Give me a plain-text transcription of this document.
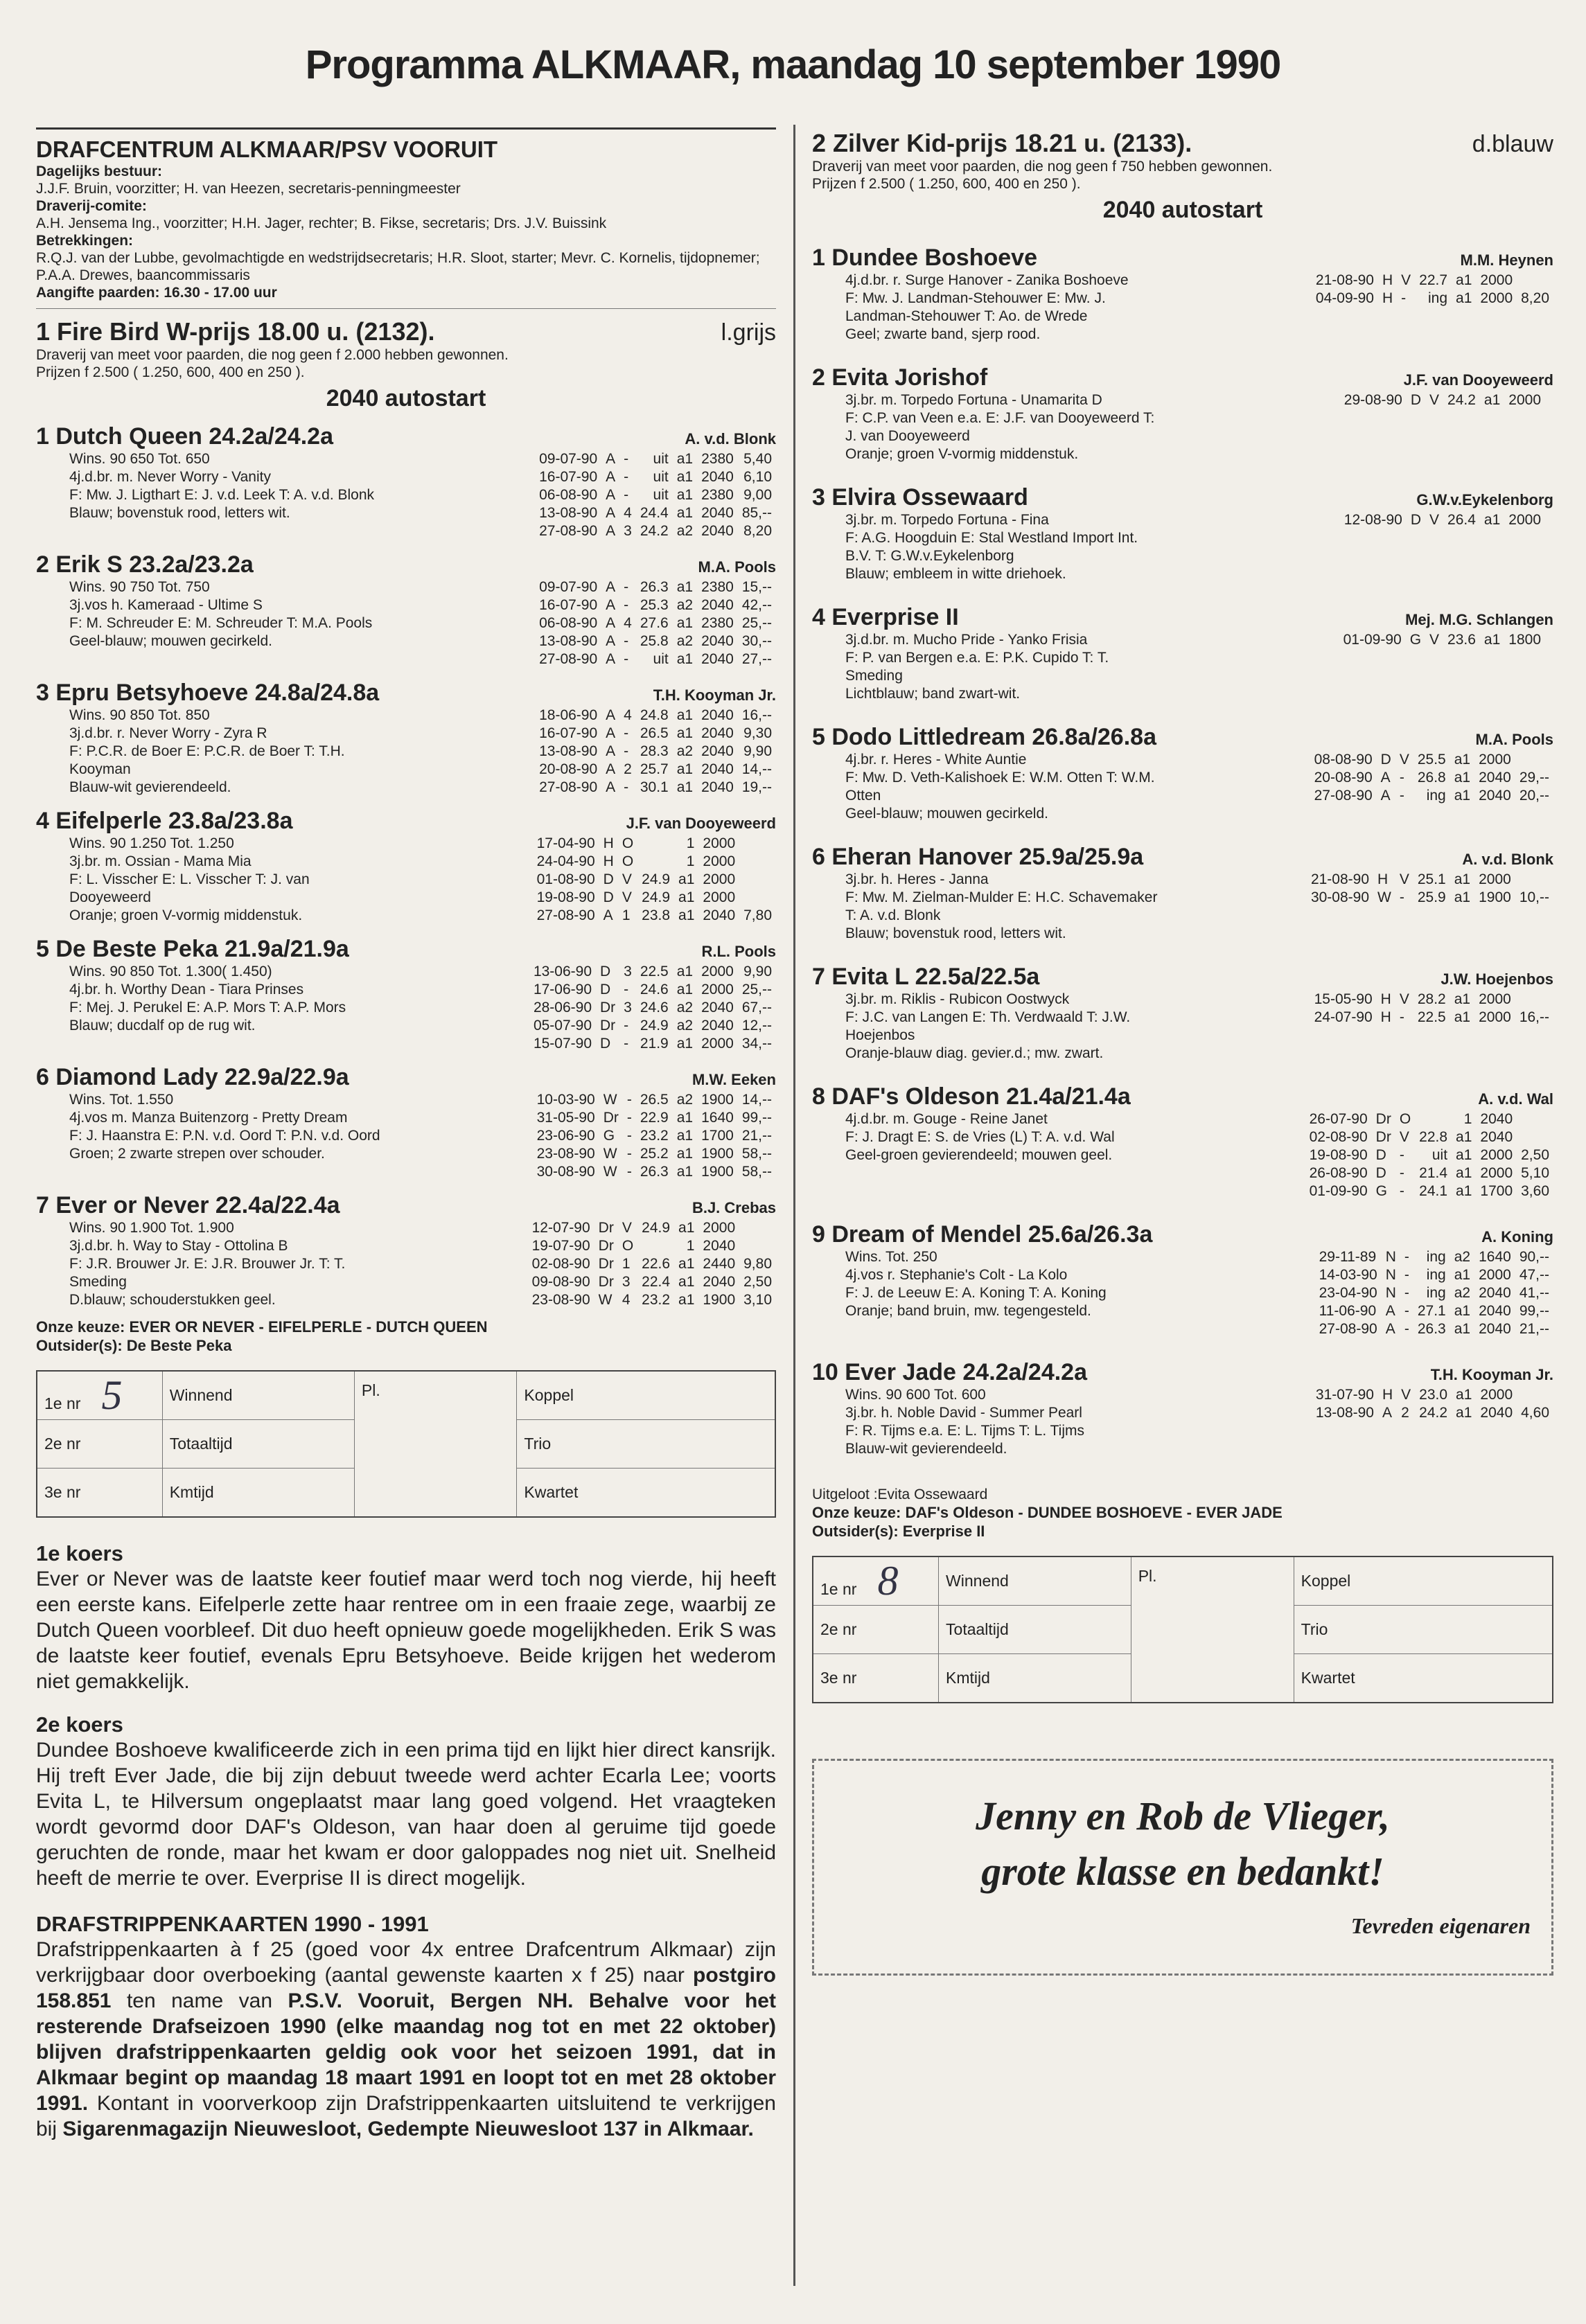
Programma ALKMAAR, maandag 10 september 1990
DRAFCENTRUM ALKMAAR/PSV VOORUIT
Dagelijks bestuur:
J.J.F. Bruin, voorzitter; H. van Heezen, secretaris-penningmeester
Draverij-comite:
A.H. Jensema Ing., voorzitter; H.H. Jager, rechter; B. Fikse, secretaris; Drs. J.V. Buissink
Betrekkingen:
R.Q.J. van der Lubbe, gevolmachtigde en wedstrijdsecretaris; H.R. Sloot, starter; Mevr. C. Kornelis, tijdopnemer; P.A.A. Drewes, baancommissaris
Aangifte paarden: 16.30 - 17.00 uur
1 Fire Bird W-prijs 18.00 u. (2132).	l.grijs
Draverij van meet voor paarden, die nog geen f 2.000 hebben gewonnen.
Prijzen f 2.500 ( 1.250, 600, 400 en 250 ).
2040 autostart
1 Dutch Queen 24.2a/24.2a	A. v.d. Blonk
Wins. 90 650 Tot. 650
4j.d.br. m. Never Worry - Vanity
F: Mw. J. Ligthart E: J. v.d. Leek T: A. v.d. Blonk
Blauw; bovenstuk rood, letters wit.
09-07-90	A	-	uit	a1	2380	5,40
16-07-90	A	-	uit	a1	2040	6,10
06-08-90	A	-	uit	a1	2380	9,00
13-08-90	A	4	24.4	a1	2040	85,--
27-08-90	A	3	24.2	a2	2040	8,20
2 Erik S 23.2a/23.2a	M.A. Pools
Wins. 90 750 Tot. 750
3j.vos h. Kameraad - Ultime S
F: M. Schreuder E: M. Schreuder T: M.A. Pools
Geel-blauw; mouwen gecirkeld.
09-07-90	A	-	26.3	a1	2380	15,--
16-07-90	A	-	25.3	a2	2040	42,--
06-08-90	A	4	27.6	a1	2380	25,--
13-08-90	A	-	25.8	a2	2040	30,--
27-08-90	A	-	uit	a1	2040	27,--
3 Epru Betsyhoeve 24.8a/24.8a	T.H. Kooyman Jr.
Wins. 90 850 Tot. 850
3j.d.br. r. Never Worry - Zyra R
F: P.C.R. de Boer E: P.C.R. de Boer T: T.H.
Kooyman
Blauw-wit gevierendeeld.
18-06-90	A	4	24.8	a1	2040	16,--
16-07-90	A	-	26.5	a1	2040	9,30
13-08-90	A	-	28.3	a2	2040	9,90
20-08-90	A	2	25.7	a1	2040	14,--
27-08-90	A	-	30.1	a1	2040	19,--
4 Eifelperle 23.8a/23.8a	J.F. van Dooyeweerd
Wins. 90 1.250 Tot. 1.250
3j.br. m. Ossian - Mama Mia
F: L. Visscher E: L. Visscher T: J. van
Dooyeweerd
Oranje; groen V-vormig middenstuk.
17-04-90	H	O		1	2000	
24-04-90	H	O		1	2000	
01-08-90	D	V	24.9	a1	2000	
19-08-90	D	V	24.9	a1	2000	
27-08-90	A	1	23.8	a1	2040	7,80
5 De Beste Peka 21.9a/21.9a	R.L. Pools
Wins. 90 850 Tot. 1.300( 1.450)
4j.br. h. Worthy Dean - Tiara Prinses
F: Mej. J. Perukel E: A.P. Mors T: A.P. Mors
Blauw; ducdalf op de rug wit.
13-06-90	D	3	22.5	a1	2000	9,90
17-06-90	D	-	24.6	a1	2000	25,--
28-06-90	Dr	3	24.6	a2	2040	67,--
05-07-90	Dr	-	24.9	a2	2040	12,--
15-07-90	D	-	21.9	a1	2000	34,--
6 Diamond Lady 22.9a/22.9a	M.W. Eeken
Wins. Tot. 1.550
4j.vos m. Manza Buitenzorg - Pretty Dream
F: J. Haanstra E: P.N. v.d. Oord T: P.N. v.d. Oord
Groen; 2 zwarte strepen over schouder.
10-03-90	W	-	26.5	a2	1900	14,--
31-05-90	Dr	-	22.9	a1	1640	99,--
23-06-90	G	-	23.2	a1	1700	21,--
23-08-90	W	-	25.2	a1	1900	58,--
30-08-90	W	-	26.3	a1	1900	58,--
7 Ever or Never 22.4a/22.4a	B.J. Crebas
Wins. 90 1.900 Tot. 1.900
3j.d.br. h. Way to Stay - Ottolina B
F: J.R. Brouwer Jr. E: J.R. Brouwer Jr. T: T.
Smeding
D.blauw; schouderstukken geel.
12-07-90	Dr	V	24.9	a1	2000	
19-07-90	Dr	O		1	2040	
02-08-90	Dr	1	22.6	a1	2440	9,80
09-08-90	Dr	3	22.4	a1	2040	2,50
23-08-90	W	4	23.2	a1	1900	3,10
Onze keuze: EVER OR NEVER - EIFELPERLE - DUTCH QUEEN
Outsider(s): De Beste Peka
1e nr 5	Winnend	Pl.	Koppel
2e nr	Totaaltijd		Trio
3e nr	Kmtijd		Kwartet
1e koers
Ever or Never was de laatste keer foutief maar werd toch nog vierde, hij heeft een eerste kans. Eifelperle zette haar rentree om in een fraaie zege, waarbij ze Dutch Queen voorbleef. Dit duo heeft opnieuw goede mogelijkheden. Erik S was de laatste keer foutief, evenals Epru Betsyhoeve. Beide krijgen het wederom niet gemakkelijk.
2e koers
Dundee Boshoeve kwalificeerde zich in een prima tijd en lijkt hier direct kansrijk. Hij treft Ever Jade, die bij zijn debuut tweede werd achter Ecarla Lee; voorts Evita L, te Hilversum ongeplaatst maar lang goed volgend. Het vraagteken wordt gevormd door DAF's Oldeson, van haar doen al geruime tijd goede geruchten de ronde, maar het kwam er door galoppades nog niet uit. Snelheid heeft de merrie te over. Everprise II is direct mogelijk.
DRAFSTRIPPENKAARTEN 1990 - 1991
Drafstrippenkaarten à f 25 (goed voor 4x entree Drafcentrum Alkmaar) zijn verkrijgbaar door overboeking (aantal gewenste kaarten x f 25) naar postgiro 158.851 ten name van P.S.V. Vooruit, Bergen NH. Behalve voor het resterende Drafseizoen 1990 (elke maandag nog tot en met 22 oktober) blijven drafstrippenkaarten geldig ook voor het seizoen 1991, dat in Alkmaar begint op maandag 18 maart 1991 en loopt tot en met 28 oktober 1991. Kontant in voorverkoop zijn Drafstrippenkaarten uitsluitend te verkrijgen bij Sigarenmagazijn Nieuwesloot, Gedempte Nieuwesloot 137 in Alkmaar.
2 Zilver Kid-prijs 18.21 u. (2133).	d.blauw
Draverij van meet voor paarden, die nog geen f 750 hebben gewonnen.
Prijzen f 2.500 ( 1.250, 600, 400 en 250 ).
2040 autostart
1 Dundee Boshoeve	M.M. Heynen
4j.d.br. r. Surge Hanover - Zanika Boshoeve
F: Mw. J. Landman-Stehouwer E: Mw. J.
Landman-Stehouwer T: Ao. de Wrede
Geel; zwarte band, sjerp rood.
21-08-90	H	V	22.7	a1	2000	
04-09-90	H	-	ing	a1	2000	8,20
2 Evita Jorishof	J.F. van Dooyeweerd
3j.br. m. Torpedo Fortuna - Unamarita D
F: C.P. van Veen e.a. E: J.F. van Dooyeweerd T:
J. van Dooyeweerd
Oranje; groen V-vormig middenstuk.
29-08-90	D	V	24.2	a1	2000	
3 Elvira Ossewaard	G.W.v.Eykelenborg
3j.br. m. Torpedo Fortuna - Fina
F: A.G. Hoogduin E: Stal Westland Import Int.
B.V. T: G.W.v.Eykelenborg
Blauw; embleem in witte driehoek.
12-08-90	D	V	26.4	a1	2000	
4 Everprise II	Mej. M.G. Schlangen
3j.d.br. m. Mucho Pride - Yanko Frisia
F: P. van Bergen e.a. E: P.K. Cupido T: T.
Smeding
Lichtblauw; band zwart-wit.
01-09-90	G	V	23.6	a1	1800	
5 Dodo Littledream 26.8a/26.8a	M.A. Pools
4j.br. r. Heres - White Auntie
F: Mw. D. Veth-Kalishoek E: W.M. Otten T: W.M.
Otten
Geel-blauw; mouwen gecirkeld.
08-08-90	D	V	25.5	a1	2000	
20-08-90	A	-	26.8	a1	2040	29,--
27-08-90	A	-	ing	a1	2040	20,--
6 Eheran Hanover 25.9a/25.9a	A. v.d. Blonk
3j.br. h. Heres - Janna
F: Mw. M. Zielman-Mulder E: H.C. Schavemaker
T: A. v.d. Blonk
Blauw; bovenstuk rood, letters wit.
21-08-90	H	V	25.1	a1	2000	
30-08-90	W	-	25.9	a1	1900	10,--
7 Evita L 22.5a/22.5a	J.W. Hoejenbos
3j.br. m. Riklis - Rubicon Oostwyck
F: J.C. van Langen E: Th. Verdwaald T: J.W.
Hoejenbos
Oranje-blauw diag. gevier.d.; mw. zwart.
15-05-90	H	V	28.2	a1	2000	
24-07-90	H	-	22.5	a1	2000	16,--
8 DAF's Oldeson 21.4a/21.4a	A. v.d. Wal
4j.d.br. m. Gouge - Reine Janet
F: J. Dragt E: S. de Vries (L) T: A. v.d. Wal
Geel-groen gevierendeeld; mouwen geel.
26-07-90	Dr	O		1	2040	
02-08-90	Dr	V	22.8	a1	2040	
19-08-90	D	-	uit	a1	2000	2,50
26-08-90	D	-	21.4	a1	2000	5,10
01-09-90	G	-	24.1	a1	1700	3,60
9 Dream of Mendel 25.6a/26.3a	A. Koning
Wins. Tot. 250
4j.vos r. Stephanie's Colt - La Kolo
F: J. de Leeuw E: A. Koning T: A. Koning
Oranje; band bruin, mw. tegengesteld.
29-11-89	N	-	ing	a2	1640	90,--
14-03-90	N	-	ing	a1	2000	47,--
23-04-90	N	-	ing	a2	2040	41,--
11-06-90	A	-	27.1	a1	2040	99,--
27-08-90	A	-	26.3	a1	2040	21,--
10 Ever Jade 24.2a/24.2a	T.H. Kooyman Jr.
Wins. 90 600 Tot. 600
3j.br. h. Noble David - Summer Pearl
F: R. Tijms e.a. E: L. Tijms T: L. Tijms
Blauw-wit gevierendeeld.
31-07-90	H	V	23.0	a1	2000	
13-08-90	A	2	24.2	a1	2040	4,60
Uitgeloot :Evita Ossewaard
Onze keuze: DAF's Oldeson - DUNDEE BOSHOEVE - EVER JADE
Outsider(s): Everprise II
1e nr 8	Winnend	Pl.	Koppel
2e nr	Totaaltijd		Trio
3e nr	Kmtijd		Kwartet
Jenny en Rob de Vlieger,
grote klasse en bedankt!
Tevreden eigenaren
